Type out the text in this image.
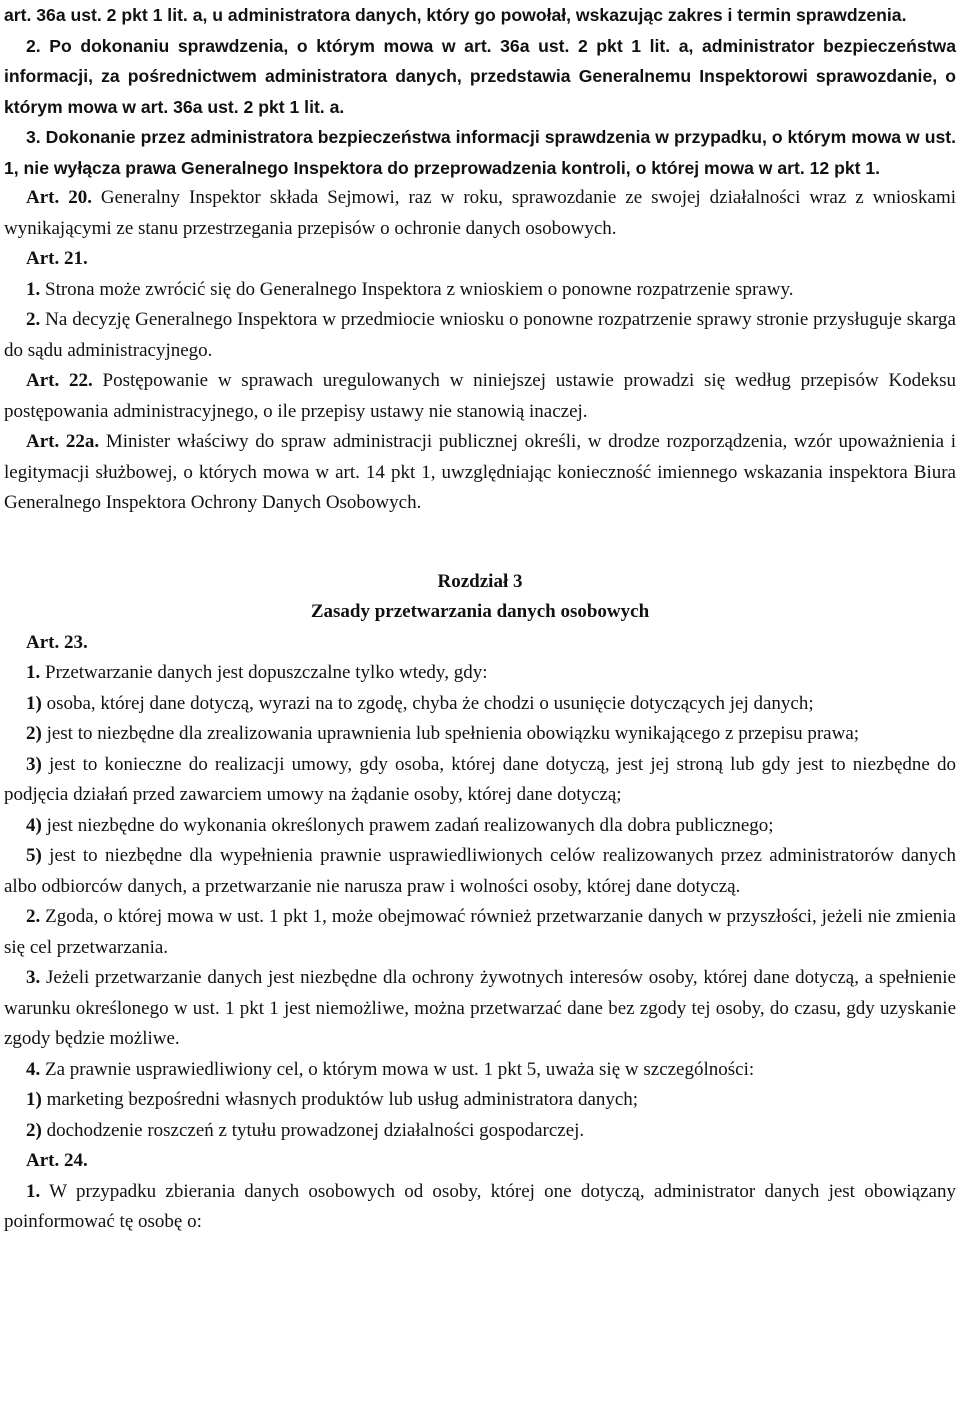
art. 36a ust. 2 pkt 1 lit. a, u administratora danych, który go powołał, wskazując zakres i termin sprawdzenia.

2. Po dokonaniu sprawdzenia, o którym mowa w art. 36a ust. 2 pkt 1 lit. a, administrator bezpieczeństwa informacji, za pośrednictwem administratora danych, przedstawia Generalnemu Inspektorowi sprawozdanie, o którym mowa w art. 36a ust. 2 pkt 1 lit. a.

3. Dokonanie przez administratora bezpieczeństwa informacji sprawdzenia w przypadku, o którym mowa w ust. 1, nie wyłącza prawa Generalnego Inspektora do przeprowadzenia kontroli, o której mowa w art. 12 pkt 1.

Art. 20. Generalny Inspektor składa Sejmowi, raz w roku, sprawozdanie ze swojej działalności wraz z wnioskami wynikającymi ze stanu przestrzegania przepisów o ochronie danych osobowych.

Art. 21.

1. Strona może zwrócić się do Generalnego Inspektora z wnioskiem o ponowne rozpatrzenie sprawy.

2. Na decyzję Generalnego Inspektora w przedmiocie wniosku o ponowne rozpatrzenie sprawy stronie przysługuje skarga do sądu administracyjnego.

Art. 22. Postępowanie w sprawach uregulowanych w niniejszej ustawie prowadzi się według przepisów Kodeksu postępowania administracyjnego, o ile przepisy ustawy nie stanowią inaczej.

Art. 22a. Minister właściwy do spraw administracji publicznej określi, w drodze rozporządzenia, wzór upoważnienia i legitymacji służbowej, o których mowa w art. 14 pkt 1, uwzględniając konieczność imiennego wskazania inspektora Biura Generalnego Inspektora Ochrony Danych Osobowych.

Rozdział 3

Zasady przetwarzania danych osobowych

Art. 23.

1. Przetwarzanie danych jest dopuszczalne tylko wtedy, gdy:

1) osoba, której dane dotyczą, wyrazi na to zgodę, chyba że chodzi o usunięcie dotyczących jej danych;

2) jest to niezbędne dla zrealizowania uprawnienia lub spełnienia obowiązku wynikającego z przepisu prawa;

3) jest to konieczne do realizacji umowy, gdy osoba, której dane dotyczą, jest jej stroną lub gdy jest to niezbędne do podjęcia działań przed zawarciem umowy na żądanie osoby, której dane dotyczą;

4) jest niezbędne do wykonania określonych prawem zadań realizowanych dla dobra publicznego;

5) jest to niezbędne dla wypełnienia prawnie usprawiedliwionych celów realizowanych przez administratorów danych albo odbiorców danych, a przetwarzanie nie narusza praw i wolności osoby, której dane dotyczą.

2. Zgoda, o której mowa w ust. 1 pkt 1, może obejmować również przetwarzanie danych w przyszłości, jeżeli nie zmienia się cel przetwarzania.

3. Jeżeli przetwarzanie danych jest niezbędne dla ochrony żywotnych interesów osoby, której dane dotyczą, a spełnienie warunku określonego w ust. 1 pkt 1 jest niemożliwe, można przetwarzać dane bez zgody tej osoby, do czasu, gdy uzyskanie zgody będzie możliwe.

4. Za prawnie usprawiedliwiony cel, o którym mowa w ust. 1 pkt 5, uważa się w szczególności:

1) marketing bezpośredni własnych produktów lub usług administratora danych;

2) dochodzenie roszczeń z tytułu prowadzonej działalności gospodarczej.

Art. 24.

1. W przypadku zbierania danych osobowych od osoby, której one dotyczą, administrator danych jest obowiązany poinformować tę osobę o:
